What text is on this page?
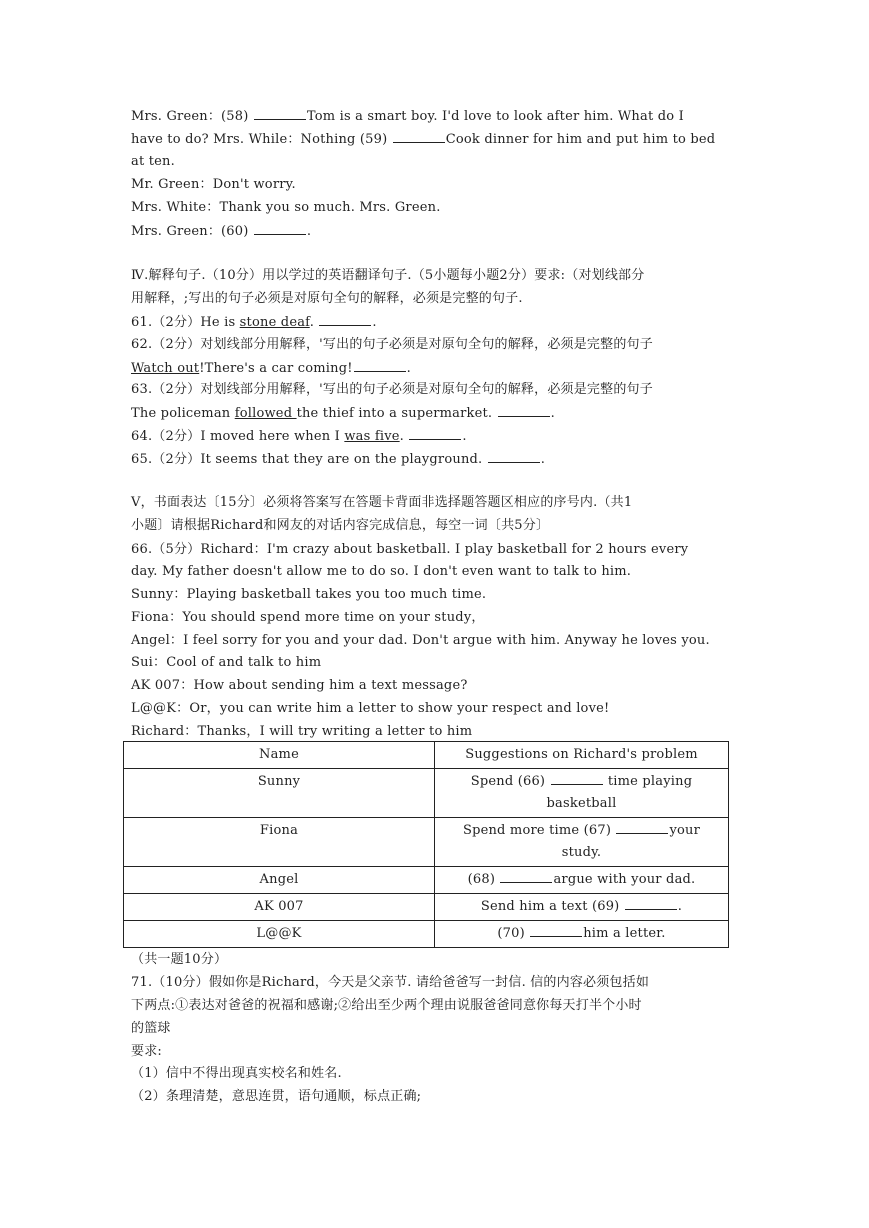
Mrs. Green：(58)	Tom is a smart boy. I'd love to look after him. What do I
have to do? Mrs. While：Nothing (59)	Cook dinner for him and put him to bed
at ten.
Mr. Green：Don't worry.
Mrs. White：Thank you so much. Mrs. Green.
Mrs. Green：(60)	.
Ⅳ.解释句子.（10分）用以学过的英语翻译句子.（5小题每小题2分）要求:（对划线部分
用解释，;写出的句子必须是对原句全句的解释，必须是完整的句子.
61.（2分）He is stone deaf.	.
62.（2分）对划线部分用解释，'写出的句子必须是对原句全句的解释，必须是完整的句子
Watch out!There's a car coming!	.
63.（2分）对划线部分用解释，'写出的句子必须是对原句全句的解释，必须是完整的句子
The policeman followed the thief into a supermarket.	.
64.（2分）I moved here when I was five.	.
65.（2分）It seems that they are on the playground.	.
Ⅴ，书面表达〔15分〕必须将答案写在答题卡背面非选择题答题区相应的序号内.（共1
小题〕请根据Richard和网友的对话内容完成信息，每空一词〔共5分〕
66.（5分）Richard：I'm crazy about basketball. I play basketball for 2 hours every
day. My father doesn't allow me to do so. I don't even want to talk to him.
Sunny：Playing basketball takes you too much time.
Fiona：You should spend more time on your study，
Angel：I feel sorry for you and your dad. Don't argue with him. Anyway he loves you.
Sui：Cool of and talk to him
AK 007：How about sending him a text message?
L@@K：Or，you can write him a letter to show your respect and love!
Richard：Thanks，I will try writing a letter to him
Name	Suggestions on Richard's problem
Sunny	Spend (66) time playing
basketball
Fiona	Spend more time (67) your
study.
Angel	(68) argue with your dad.
AK 007	Send him a text (69) .
L@@K	(70) him a letter.
（共一题10分）
71.（10分）假如你是Richard，今天是父亲节. 请给爸爸写一封信. 信的内容必须包括如
下两点:①表达对爸爸的祝福和感谢;②给出至少两个理由说服爸爸同意你每天打半个小时
的篮球
要求:
（1）信中不得出现真实校名和姓名.
（2）条理清楚，意思连贯，语句通顺，标点正确;
